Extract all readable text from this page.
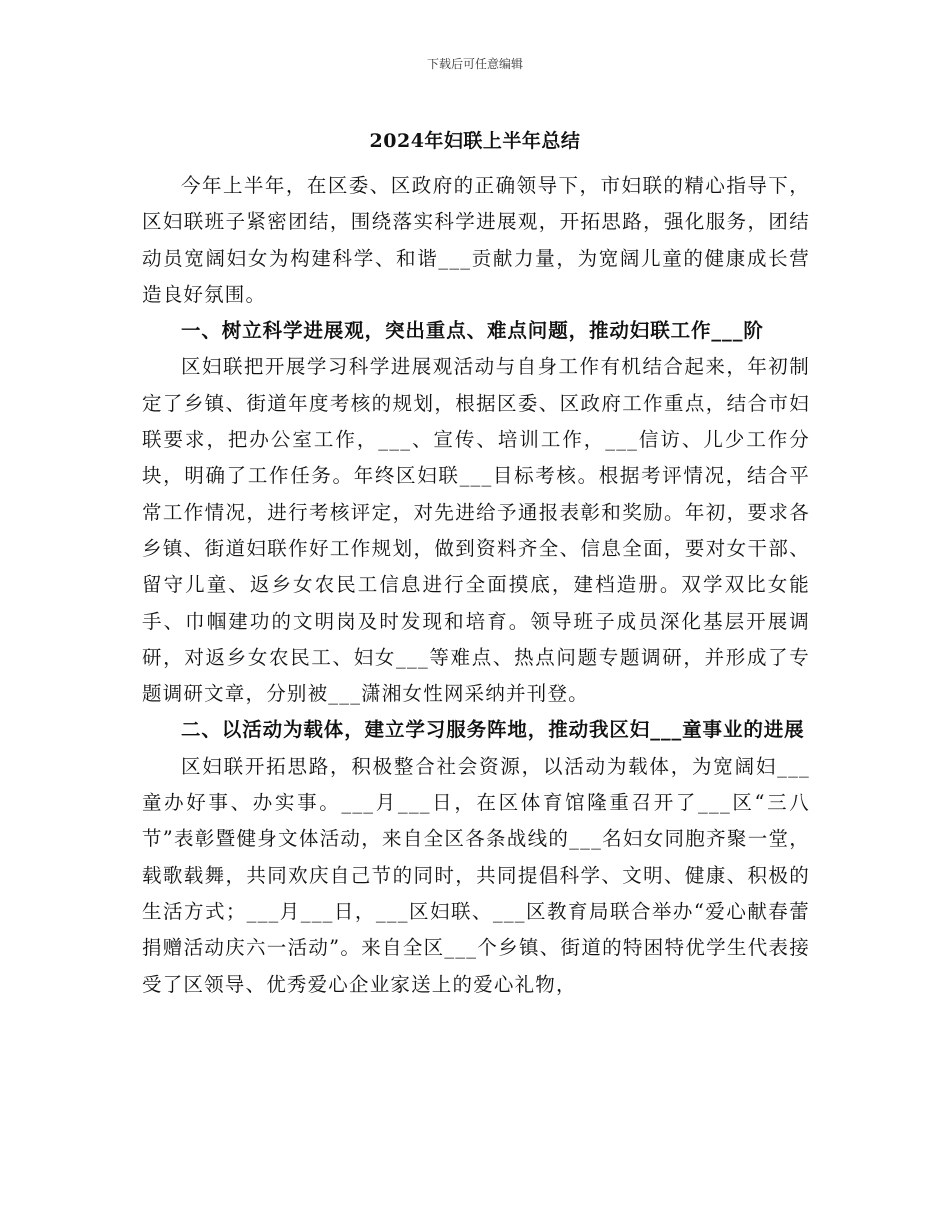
下载后可任意编辑
2024年妇联上半年总结

今年上半年，在区委、区政府的正确领导下，市妇联的精心指导下，区妇联班子紧密团结，围绕落实科学进展观，开拓思路，强化服务，团结动员宽阔妇女为构建科学、和谐___贡献力量，为宽阔儿童的健康成长营造良好氛围。

一、树立科学进展观，突出重点、难点问题，推动妇联工作___阶

区妇联把开展学习科学进展观活动与自身工作有机结合起来，年初制定了乡镇、街道年度考核的规划，根据区委、区政府工作重点，结合市妇联要求，把办公室工作，___、宣传、培训工作，___信访、儿少工作分块，明确了工作任务。年终区妇联___目标考核。根据考评情况，结合平常工作情况，进行考核评定，对先进给予通报表彰和奖励。年初，要求各乡镇、街道妇联作好工作规划，做到资料齐全、信息全面，要对女干部、留守儿童、返乡女农民工信息进行全面摸底，建档造册。双学双比女能手、巾帼建功的文明岗及时发现和培育。领导班子成员深化基层开展调研，对返乡女农民工、妇女___等难点、热点问题专题调研，并形成了专题调研文章，分别被___潇湘女性网采纳并刊登。

二、以活动为载体，建立学习服务阵地，推动我区妇___童事业的进展

区妇联开拓思路，积极整合社会资源，以活动为载体，为宽阔妇___童办好事、办实事。___月___日，在区体育馆隆重召开了___区“三八节”表彰暨健身文体活动，来自全区各条战线的___名妇女同胞齐聚一堂，载歌载舞，共同欢庆自己节的同时，共同提倡科学、文明、健康、积极的生活方式；___月___日，___区妇联、___区教育局联合举办“爱心献春蕾捐赠活动庆六一活动”。来自全区___个乡镇、街道的特困特优学生代表接受了区领导、优秀爱心企业家送上的爱心礼物，
